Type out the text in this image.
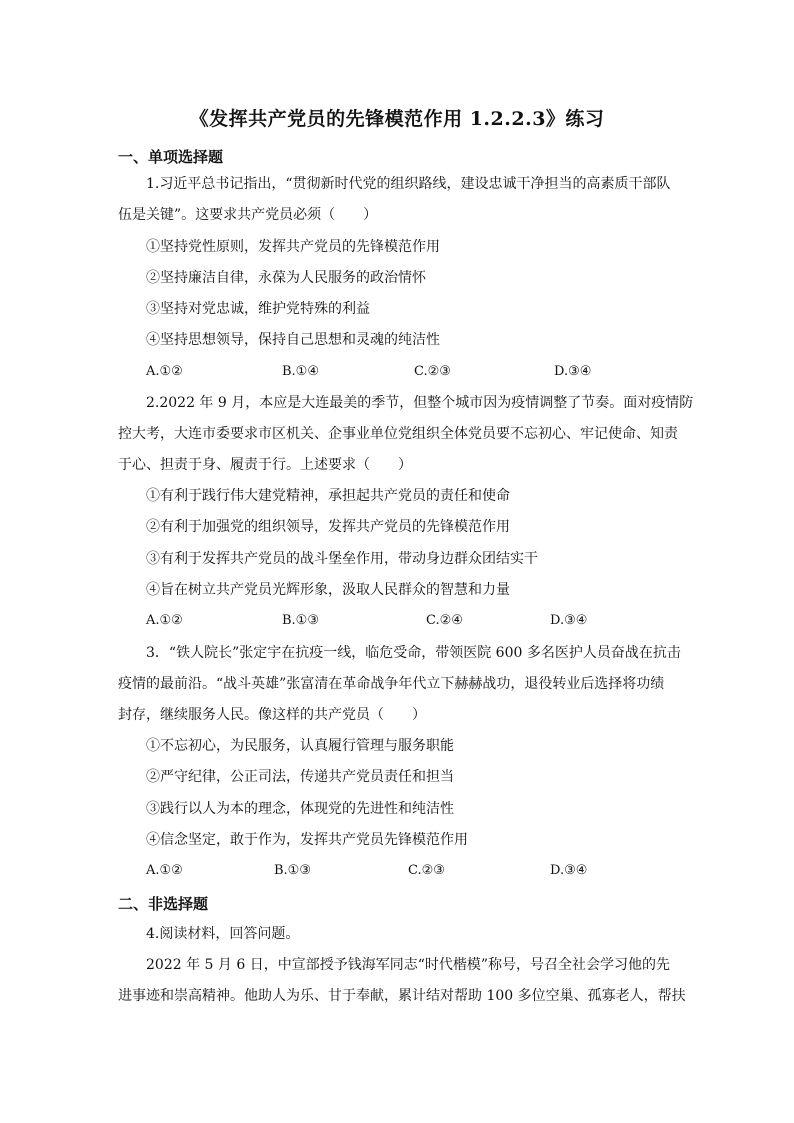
《发挥共产党员的先锋模范作用 1.2.2.3》练习
一、单项选择题
1.习近平总书记指出，“贯彻新时代党的组织路线，建设忠诚干净担当的高素质干部队
伍是关键”。这要求共产党员必须（　　）
①坚持党性原则，发挥共产党员的先锋模范作用
②坚持廉洁自律，永葆为人民服务的政治情怀
③坚持对党忠诚，维护党特殊的利益
④坚持思想领导，保持自己思想和灵魂的纯洁性
A.①②	B.①④	C.②③	D.③④
2.2022 年 9 月，本应是大连最美的季节，但整个城市因为疫情调整了节奏。面对疫情防
控大考，大连市委要求市区机关、企事业单位党组织全体党员要不忘初心、牢记使命、知责
于心、担责于身、履责于行。上述要求（　　）
①有利于践行伟大建党精神，承担起共产党员的责任和使命
②有利于加强党的组织领导，发挥共产党员的先锋模范作用
③有利于发挥共产党员的战斗堡垒作用，带动身边群众团结实干
④旨在树立共产党员光辉形象，汲取人民群众的智慧和力量
A.①②	B.①③	C.②④	D.③④
3．“铁人院长”张定宇在抗疫一线，临危受命，带领医院 600 多名医护人员奋战在抗击
疫情的最前沿。“战斗英雄”张富清在革命战争年代立下赫赫战功，退役转业后选择将功绩
封存，继续服务人民。像这样的共产党员（　　）
①不忘初心，为民服务，认真履行管理与服务职能
②严守纪律，公正司法，传递共产党员责任和担当
③践行以人为本的理念，体现党的先进性和纯洁性
④信念坚定，敢于作为，发挥共产党员先锋模范作用
A.①②	B.①③	C.②③	D.③④
二、非选择题
4.阅读材料，回答问题。
2022 年 5 月 6 日，中宣部授予钱海军同志“时代楷模”称号，号召全社会学习他的先
进事迹和崇高精神。他助人为乐、甘于奉献，累计结对帮助 100 多位空巢、孤寡老人，帮扶
